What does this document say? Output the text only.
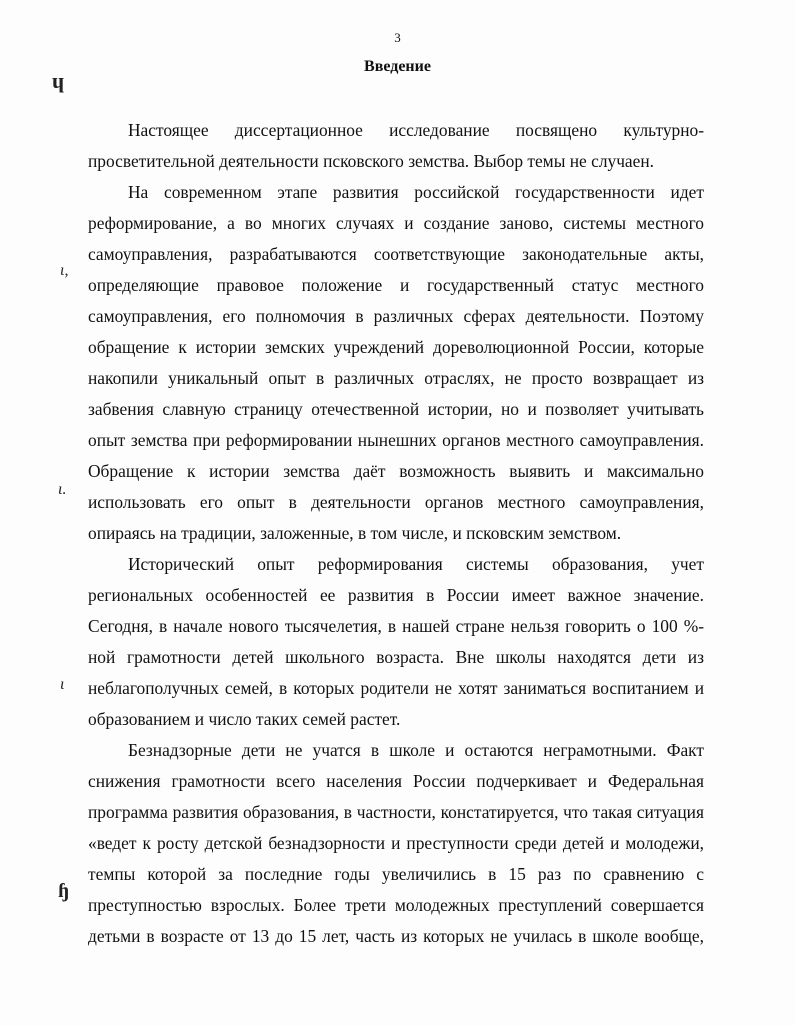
3
Введение
ɥ
ι,
ι.
ι
ɧ

Настоящее диссертационное исследование посвящено культурно-просветительной деятельности псковского земства. Выбор темы не случаен.

На современном этапе развития российской государственности идет реформирование, а во многих случаях и создание заново, системы местного самоуправления, разрабатываются соответствующие законодательные акты, определяющие правовое положение и государственный статус местного самоуправления, его полномочия в различных сферах деятельности. Поэтому обращение к истории земских учреждений дореволюционной России, которые накопили уникальный опыт в различных отраслях, не просто возвращает из забвения славную страницу отечественной истории, но и позволяет учитывать опыт земства при реформировании нынешних органов местного самоуправления. Обращение к истории земства даёт возможность выявить и максимально использовать его опыт в деятельности органов местного самоуправления, опираясь на традиции, заложенные, в том числе, и псковским земством.

Исторический опыт реформирования системы образования, учет региональных особенностей ее развития в России имеет важное значение. Сегодня, в начале нового тысячелетия, в нашей стране нельзя говорить о 100 %-ной грамотности детей школьного возраста. Вне школы находятся дети из неблагополучных семей, в которых родители не хотят заниматься воспитанием и образованием и число таких семей растет.

Безнадзорные дети не учатся в школе и остаются неграмотными. Факт снижения грамотности всего населения России подчеркивает и Федеральная программа развития образования, в частности, констатируется, что такая ситуация «ведет к росту детской безнадзорности и преступности среди детей и молодежи, темпы которой за последние годы увеличились в 15 раз по сравнению с преступностью взрослых. Более трети молодежных преступлений совершается детьми в возрасте от 13 до 15 лет, часть из которых не училась в школе вообще,
